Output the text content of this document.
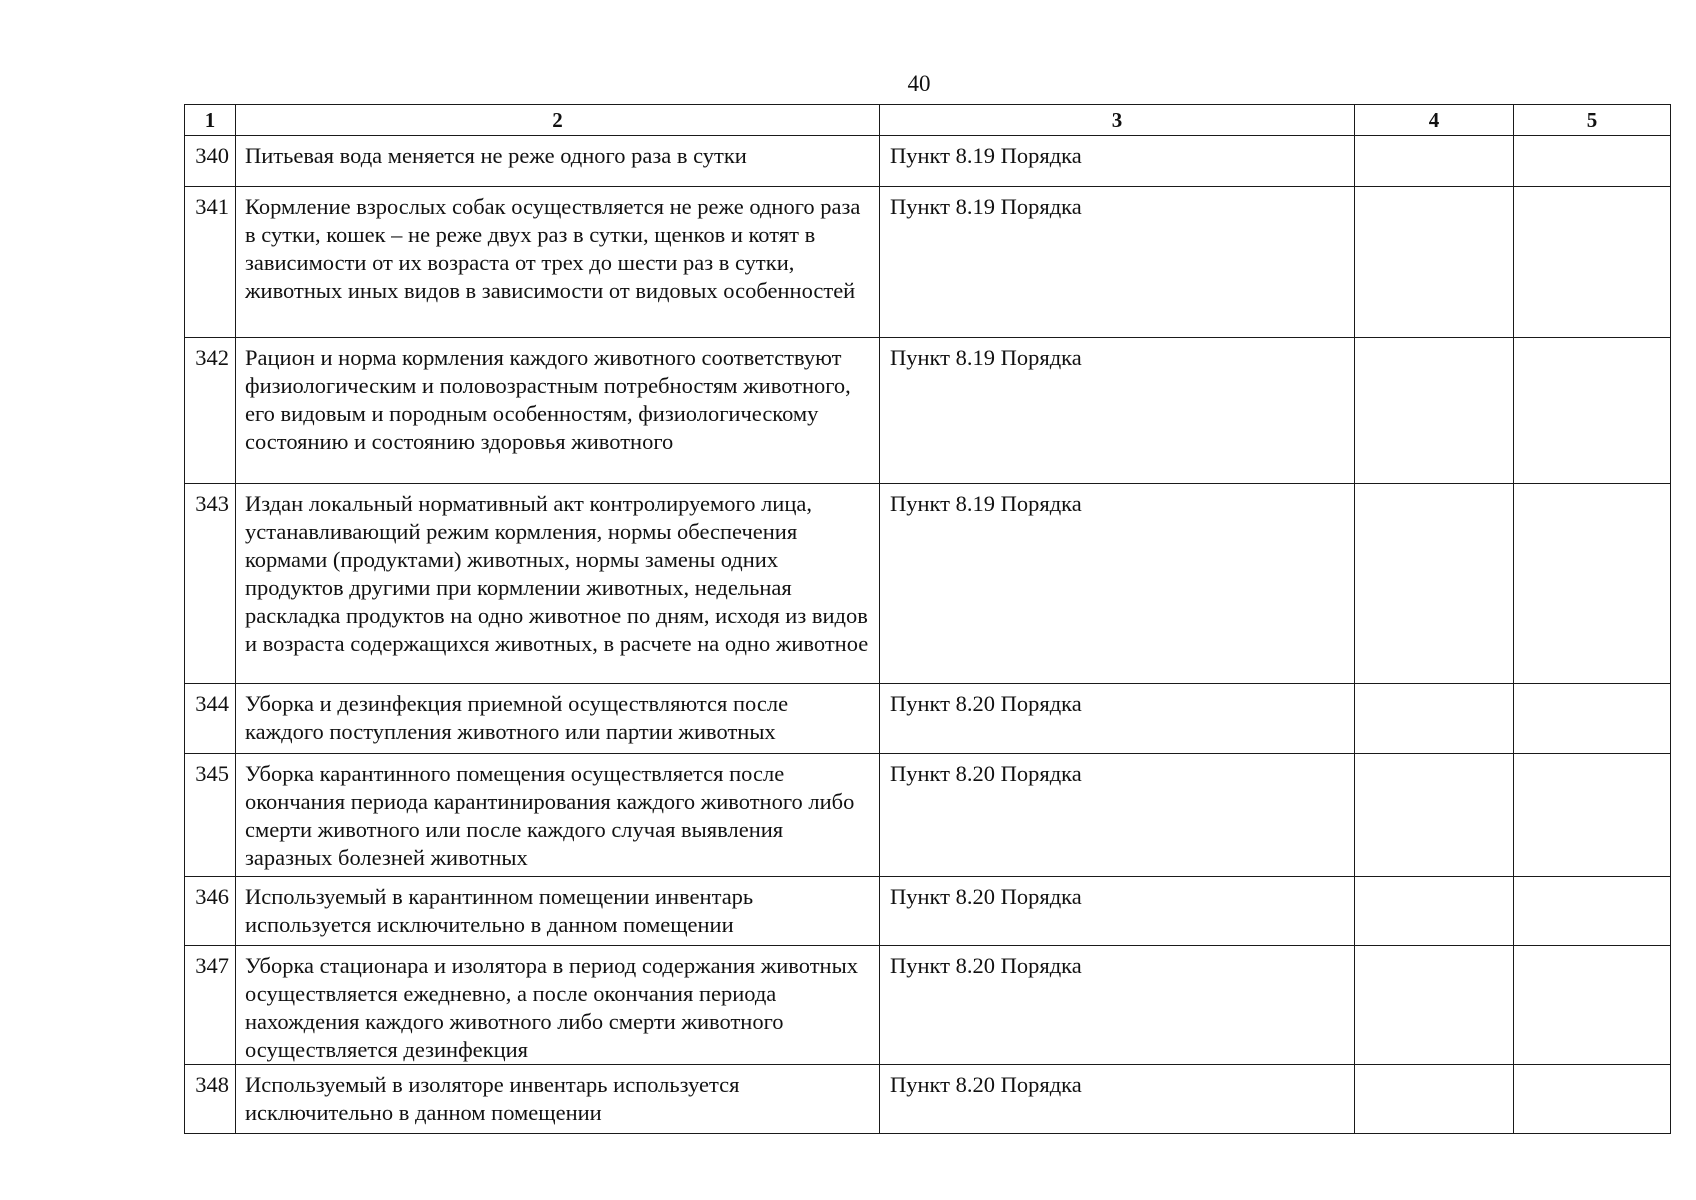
40
1	2	3	4	5
340	Питьевая вода меняется не реже одного раза в сутки	Пункт 8.19 Порядка		
341	Кормление взрослых собак осуществляется не реже одного раза в сутки, кошек – не реже двух раз в сутки, щенков и котят в зависимости от их возраста от трех до шести раз в сутки, животных иных видов в зависимости от видовых особенностей	Пункт 8.19 Порядка		
342	Рацион и норма кормления каждого животного соответствуют физиологическим и половозрастным потребностям животного, его видовым и породным особенностям, физиологическому состоянию и состоянию здоровья животного	Пункт 8.19 Порядка		
343	Издан локальный нормативный акт контролируемого лица, устанавливающий режим кормления, нормы обеспечения кормами (продуктами) животных, нормы замены одних продуктов другими при кормлении животных, недельная раскладка продуктов на одно животное по дням, исходя из видов и возраста содержащихся животных, в расчете на одно животное	Пункт 8.19 Порядка		
344	Уборка и дезинфекция приемной осуществляются после каждого поступления животного или партии животных	Пункт 8.20 Порядка		
345	Уборка карантинного помещения осуществляется после окончания периода карантинирования каждого животного либо смерти животного или после каждого случая выявления заразных болезней животных	Пункт 8.20 Порядка		
346	Используемый в карантинном помещении инвентарь используется исключительно в данном помещении	Пункт 8.20 Порядка		
347	Уборка стационара и изолятора в период содержания животных осуществляется ежедневно, а после окончания периода нахождения каждого животного либо смерти животного осуществляется дезинфекция	Пункт 8.20 Порядка		
348	Используемый в изоляторе инвентарь используется исключительно в данном помещении	Пункт 8.20 Порядка		
